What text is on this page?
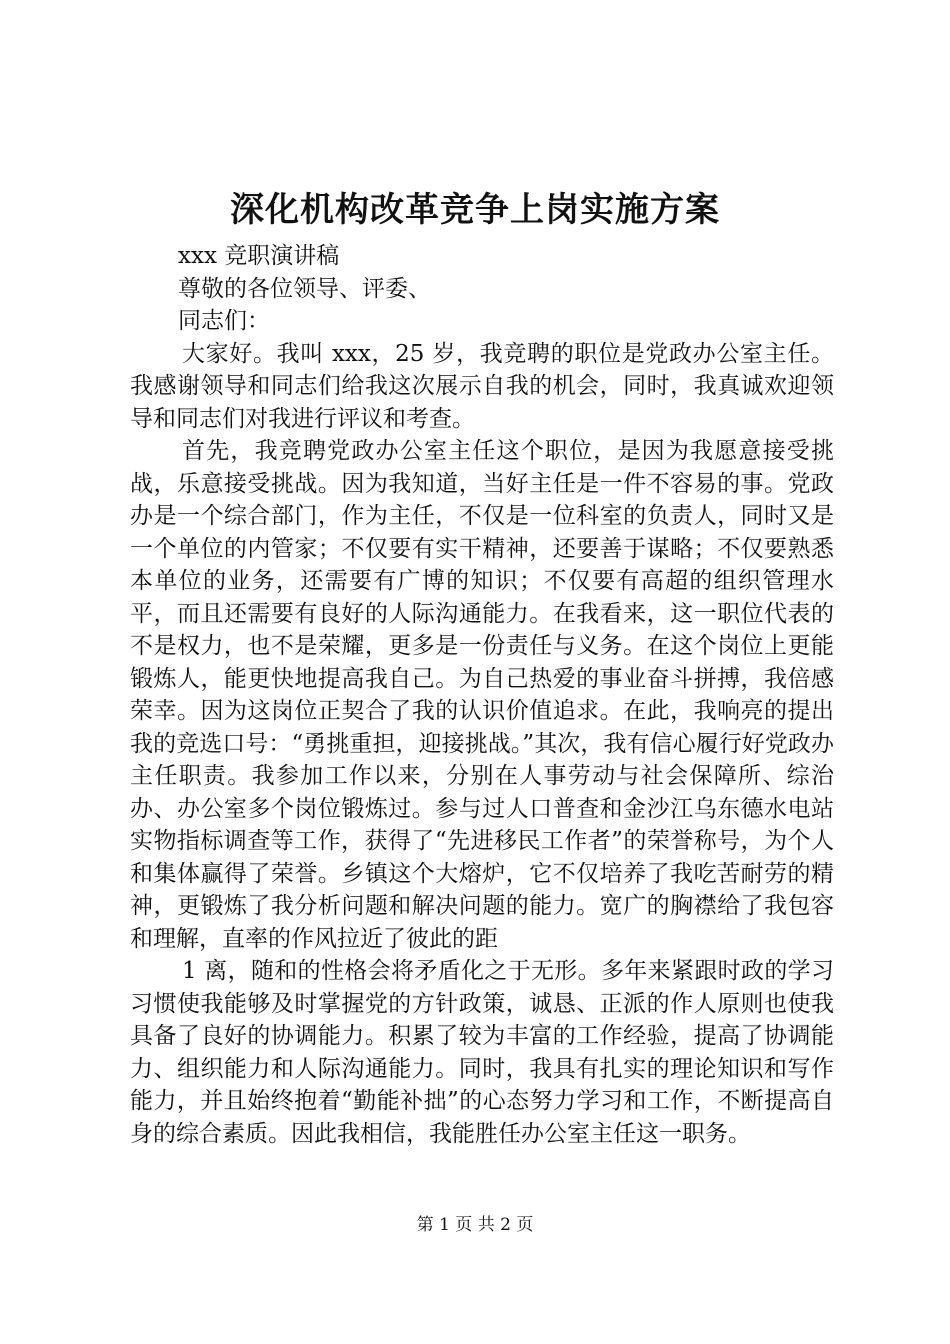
深化机构改革竞争上岗实施方案

xxx 竞职演讲稿

尊敬的各位领导、评委、

同志们：

大家好。我叫 xxx，25 岁，我竞聘的职位是党政办公室主任。我感谢领导和同志们给我这次展示自我的机会，同时，我真诚欢迎领导和同志们对我进行评议和考查。

首先，我竞聘党政办公室主任这个职位，是因为我愿意接受挑战，乐意接受挑战。因为我知道，当好主任是一件不容易的事。党政办是一个综合部门，作为主任，不仅是一位科室的负责人，同时又是一个单位的内管家；不仅要有实干精神，还要善于谋略；不仅要熟悉本单位的业务，还需要有广博的知识；不仅要有高超的组织管理水平，而且还需要有良好的人际沟通能力。在我看来，这一职位代表的不是权力，也不是荣耀，更多是一份责任与义务。在这个岗位上更能锻炼人，能更快地提高我自己。为自己热爱的事业奋斗拼搏，我倍感荣幸。因为这岗位正契合了我的认识价值追求。在此，我响亮的提出我的竞选口号：“勇挑重担，迎接挑战。”其次，我有信心履行好党政办主任职责。我参加工作以来，分别在人事劳动与社会保障所、综治办、办公室多个岗位锻炼过。参与过人口普查和金沙江乌东德水电站实物指标调查等工作，获得了“先进移民工作者”的荣誉称号，为个人和集体赢得了荣誉。乡镇这个大熔炉，它不仅培养了我吃苦耐劳的精神，更锻炼了我分析问题和解决问题的能力。宽广的胸襟给了我包容和理解，直率的作风拉近了彼此的距

1 离，随和的性格会将矛盾化之于无形。多年来紧跟时政的学习习惯使我能够及时掌握党的方针政策，诚恳、正派的作人原则也使我具备了良好的协调能力。积累了较为丰富的工作经验，提高了协调能力、组织能力和人际沟通能力。同时，我具有扎实的理论知识和写作能力，并且始终抱着“勤能补拙”的心态努力学习和工作，不断提高自身的综合素质。因此我相信，我能胜任办公室主任这一职务。

第 1 页 共 2 页
